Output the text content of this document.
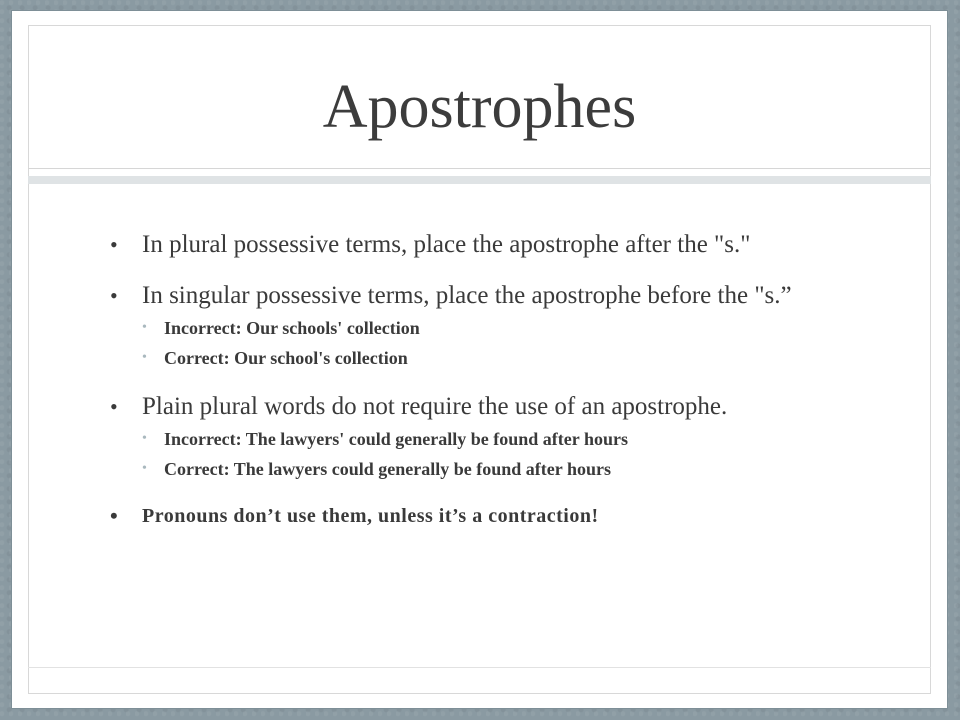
Apostrophes
• In plural possessive terms, place the apostrophe after the "s."
• In singular possessive terms, place the apostrophe before the "s.”
• Incorrect: Our schools' collection
• Correct: Our school's collection
• Plain plural words do not require the use of an apostrophe.
• Incorrect: The lawyers' could generally be found after hours
• Correct: The lawyers could generally be found after hours
• Pronouns don’t use them, unless it’s a contraction!
